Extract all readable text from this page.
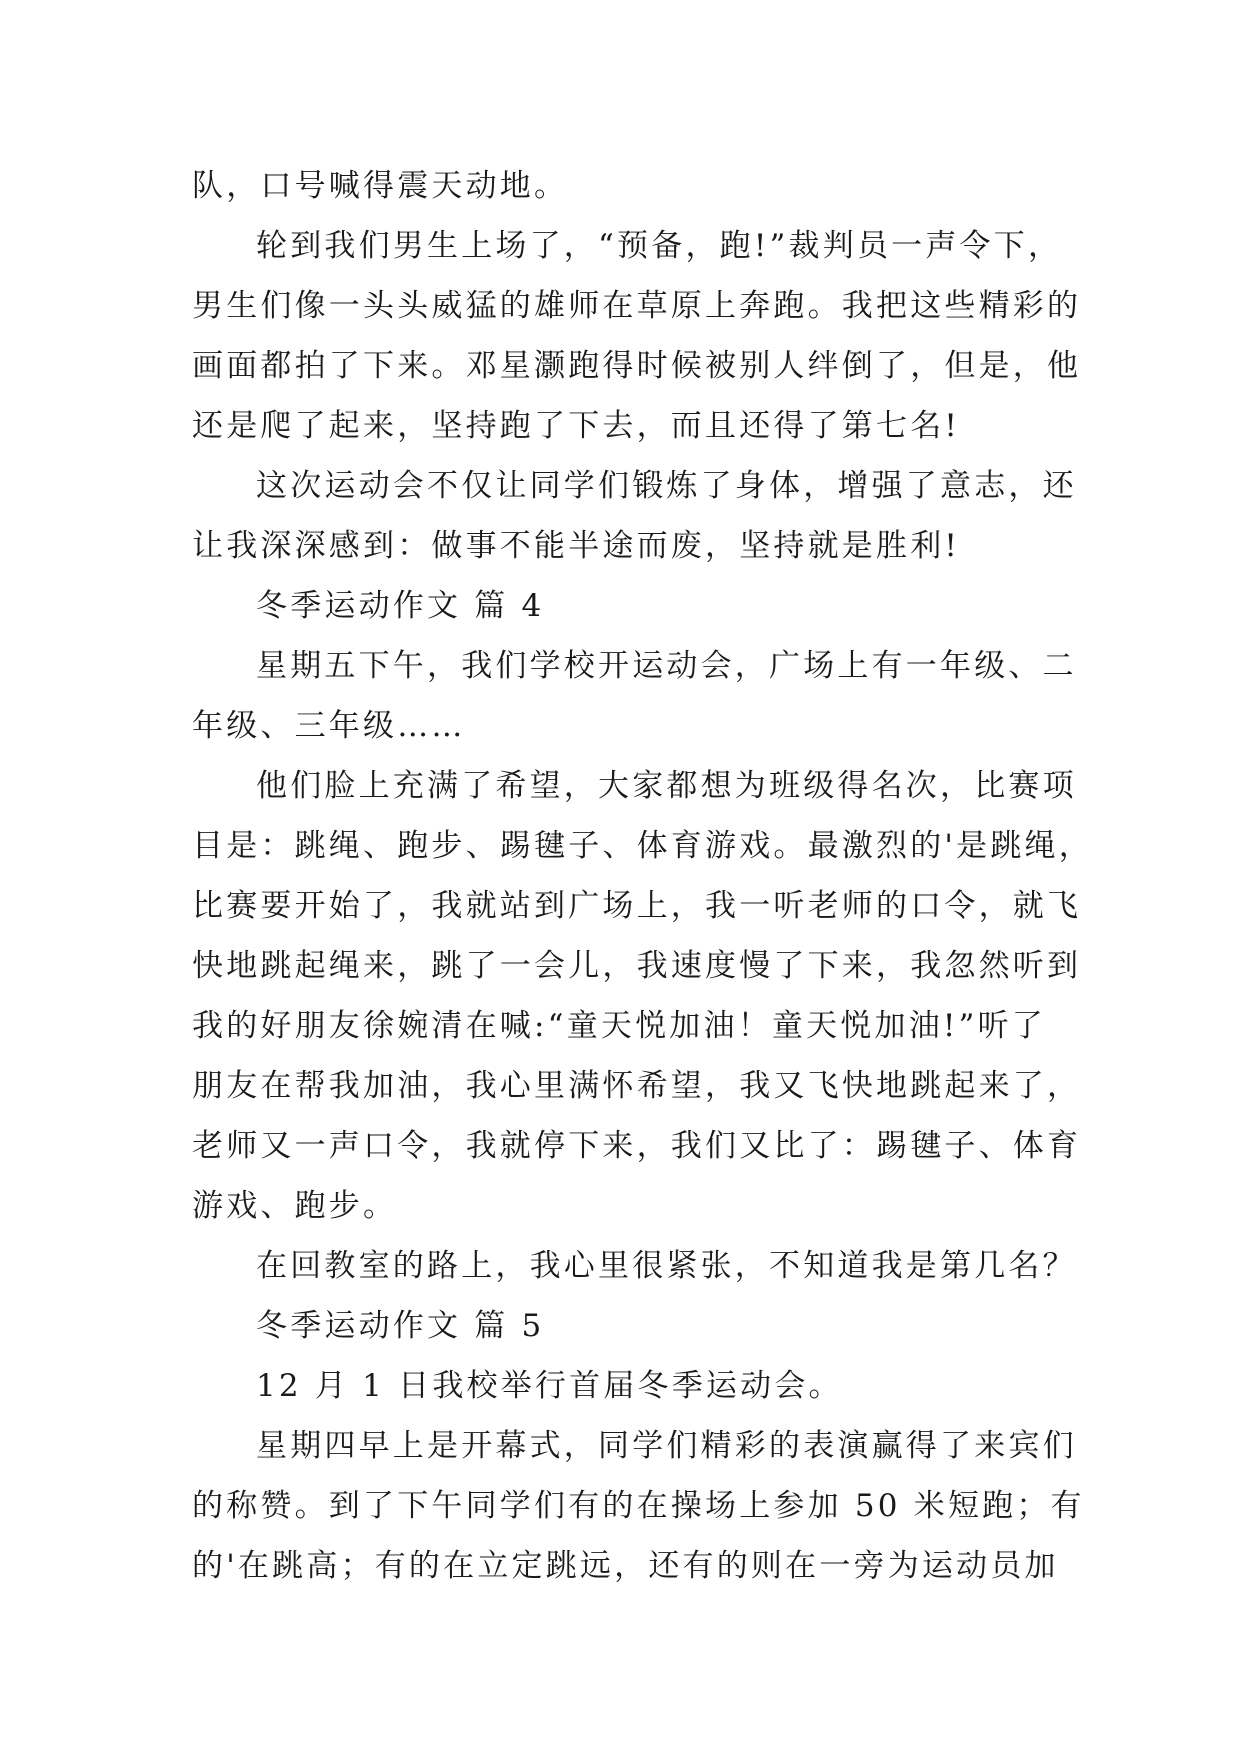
队，口号喊得震天动地。
轮到我们男生上场了，“预备，跑!”裁判员一声令下，
男生们像一头头威猛的雄师在草原上奔跑。我把这些精彩的
画面都拍了下来。邓星灏跑得时候被别人绊倒了，但是，他
还是爬了起来，坚持跑了下去，而且还得了第七名!
这次运动会不仅让同学们锻炼了身体，增强了意志，还
让我深深感到：做事不能半途而废，坚持就是胜利!
冬季运动作文 篇 4
星期五下午，我们学校开运动会，广场上有一年级、二
年级、三年级……
他们脸上充满了希望，大家都想为班级得名次，比赛项
目是：跳绳、跑步、踢毽子、体育游戏。最激烈的'是跳绳，
比赛要开始了，我就站到广场上，我一听老师的口令，就飞
快地跳起绳来，跳了一会儿，我速度慢了下来，我忽然听到
我的好朋友徐婉清在喊:“童天悦加油！童天悦加油!”听了
朋友在帮我加油，我心里满怀希望，我又飞快地跳起来了，
老师又一声口令，我就停下来，我们又比了：踢毽子、体育
游戏、跑步。
在回教室的路上，我心里很紧张，不知道我是第几名？
冬季运动作文 篇 5
12 月 1 日我校举行首届冬季运动会。
星期四早上是开幕式，同学们精彩的表演赢得了来宾们
的称赞。到了下午同学们有的在操场上参加 50 米短跑；有
的'在跳高；有的在立定跳远，还有的则在一旁为运动员加
